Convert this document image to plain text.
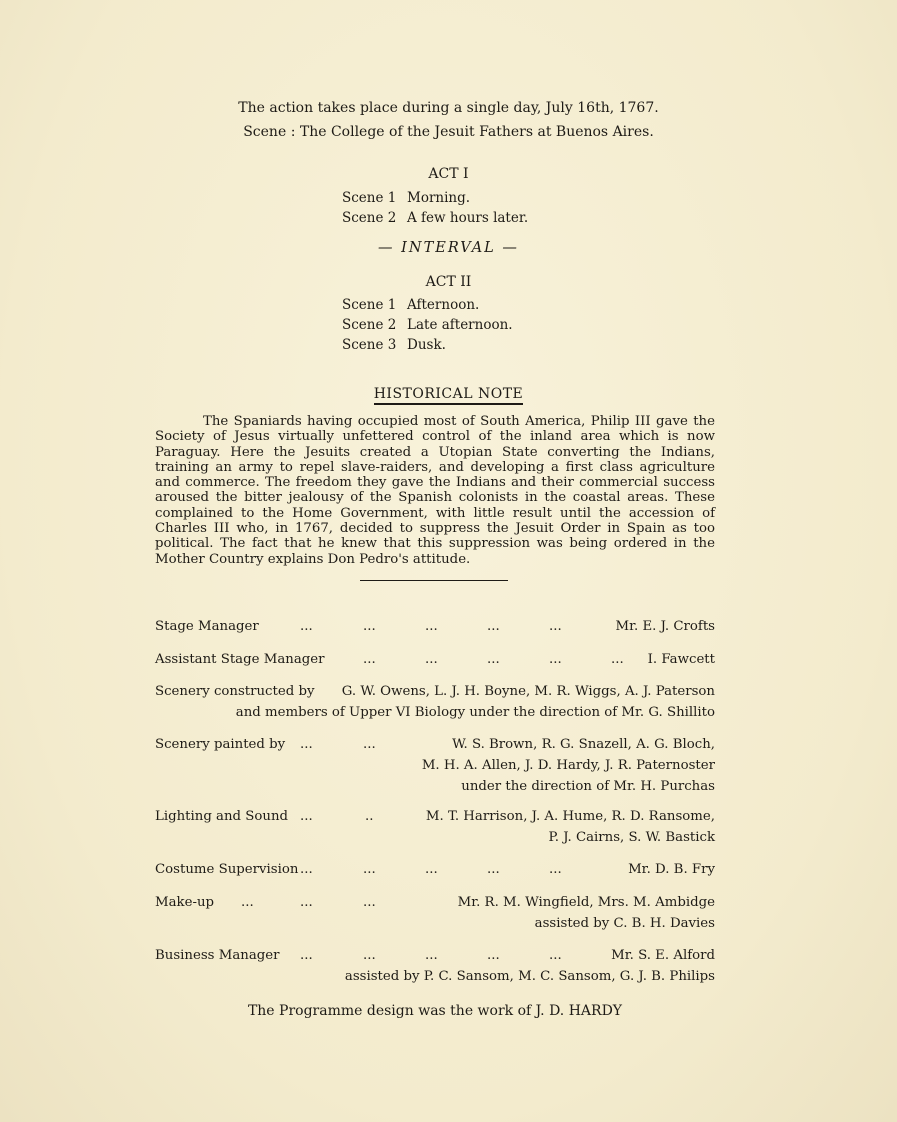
The action takes place during a single day, July 16th, 1767.
Scene : The College of the Jesuit Fathers at Buenos Aires.
ACT I
Scene 1 Morning.
Scene 2 A few hours later.
— INTERVAL —
ACT II
Scene 1 Afternoon.
Scene 2 Late afternoon.
Scene 3 Dusk.
HISTORICAL NOTE
The Spaniards having occupied most of South America, Philip III gave the Society of Jesus virtually unfettered control of the inland area which is now Paraguay. Here the Jesuits created a Utopian State converting the Indians, training an army to repel slave-raiders, and developing a first class agriculture and commerce. The freedom they gave the Indians and their commercial success aroused the bitter jealousy of the Spanish colonists in the coastal areas. These complained to the Home Government, with little result until the accession of Charles III who, in 1767, decided to suppress the Jesuit Order in Spain as too political. The fact that he knew that this suppression was being ordered in the Mother Country explains Don Pedro's attitude.
Stage Manager	...	...	...	...	...	Mr. E. J. Crofts
Assistant Stage Manager	...	...	...	...	... I. Fawcett
Scenery constructed by G. W. Owens, L. J. H. Boyne, M. R. Wiggs, A. J. Paterson
and members of Upper VI Biology under the direction of Mr. G. Shillito
Scenery painted by ...	...	W. S. Brown, R. G. Snazell, A. G. Bloch,
M. H. A. Allen, J. D. Hardy, J. R. Paternoster
under the direction of Mr. H. Purchas
Lighting and Sound ...	..	M. T. Harrison, J. A. Hume, R. D. Ransome,
P. J. Cairns, S. W. Bastick
Costume Supervision ...	...	...	...	...	Mr. D. B. Fry
Make-up ...	...	...	Mr. R. M. Wingfield, Mrs. M. Ambidge
assisted by C. B. H. Davies
Business Manager ...	...	...	...	...	Mr. S. E. Alford
assisted by P. C. Sansom, M. C. Sansom, G. J. B. Philips
The Programme design was the work of J. D. HARDY
